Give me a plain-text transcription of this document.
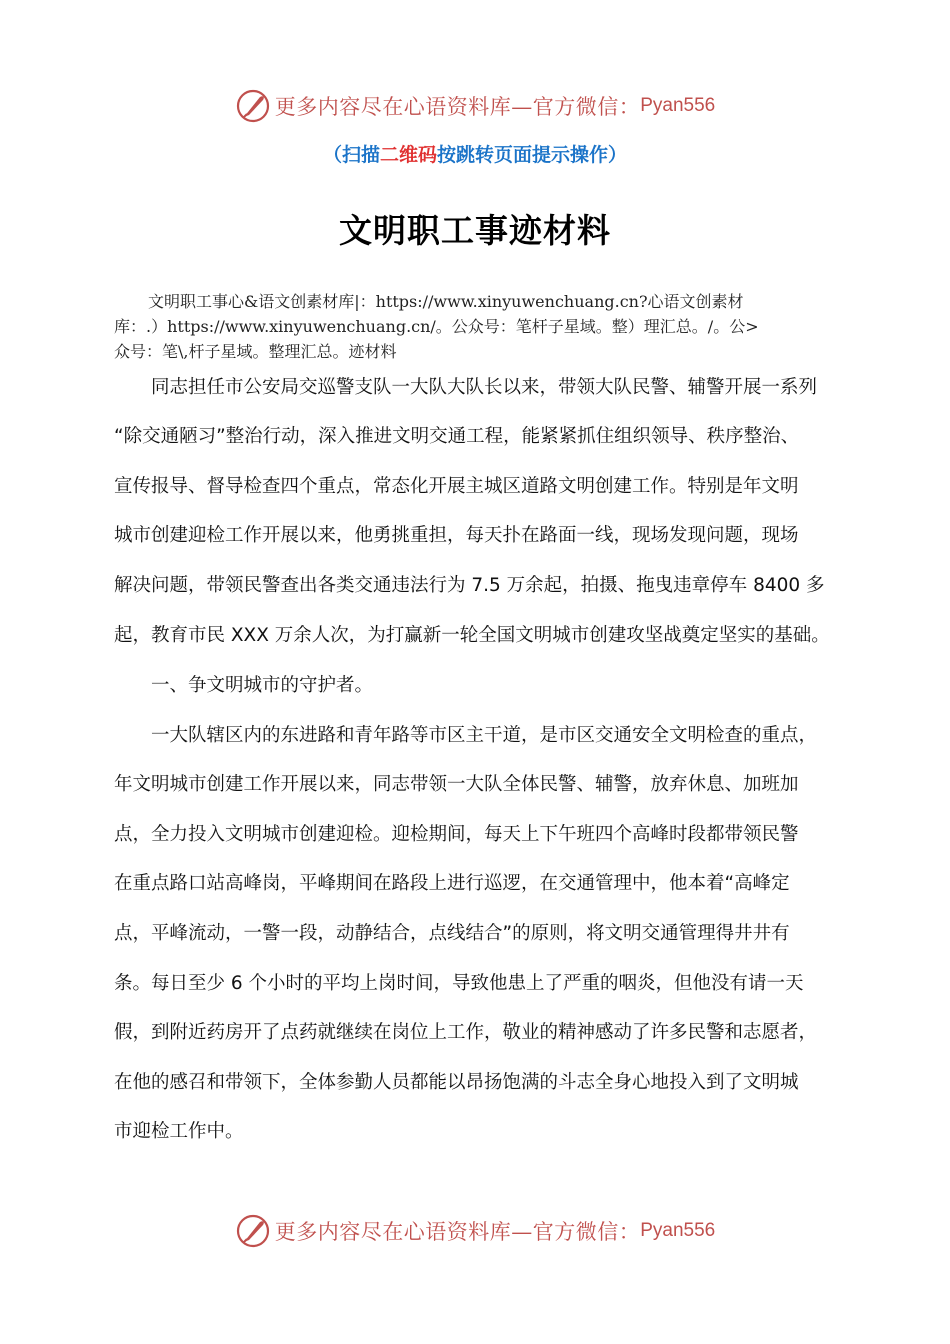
更多内容尽在心语资料库—官方微信： Pyan556
（扫描二维码按跳转页面提示操作）
文明职工事迹材料
文明职工事心&语文创素材库|：https://www.xinyuwenchuang.cn?心语文创素材
库：.）https://www.xinyuwenchuang.cn/。公众号：笔杆子星域。整）理汇总。/。公>
众号：笔\,杆子星域。整理汇总。迹材料
同志担任市公安局交巡警支队一大队大队长以来，带领大队民警、辅警开展一系列
“除交通陋习”整治行动，深入推进文明交通工程，能紧紧抓住组织领导、秩序整治、
宣传报导、督导检查四个重点，常态化开展主城区道路文明创建工作。特别是年文明
城市创建迎检工作开展以来，他勇挑重担，每天扑在路面一线，现场发现问题，现场
解决问题，带领民警查出各类交通违法行为 7.5 万余起，拍摄、拖曳违章停车 8400 多
起，教育市民 XXX 万余人次，为打赢新一轮全国文明城市创建攻坚战奠定坚实的基础。
一、争文明城市的守护者。
一大队辖区内的东进路和青年路等市区主干道，是市区交通安全文明检查的重点，
年文明城市创建工作开展以来，同志带领一大队全体民警、辅警，放弃休息、加班加
点，全力投入文明城市创建迎检。迎检期间，每天上下午班四个高峰时段都带领民警
在重点路口站高峰岗，平峰期间在路段上进行巡逻，在交通管理中，他本着“高峰定
点，平峰流动，一警一段，动静结合，点线结合”的原则，将文明交通管理得井井有
条。每日至少 6 个小时的平均上岗时间，导致他患上了严重的咽炎，但他没有请一天
假，到附近药房开了点药就继续在岗位上工作，敬业的精神感动了许多民警和志愿者，
在他的感召和带领下，全体参勤人员都能以昂扬饱满的斗志全身心地投入到了文明城
市迎检工作中。
更多内容尽在心语资料库—官方微信： Pyan556
